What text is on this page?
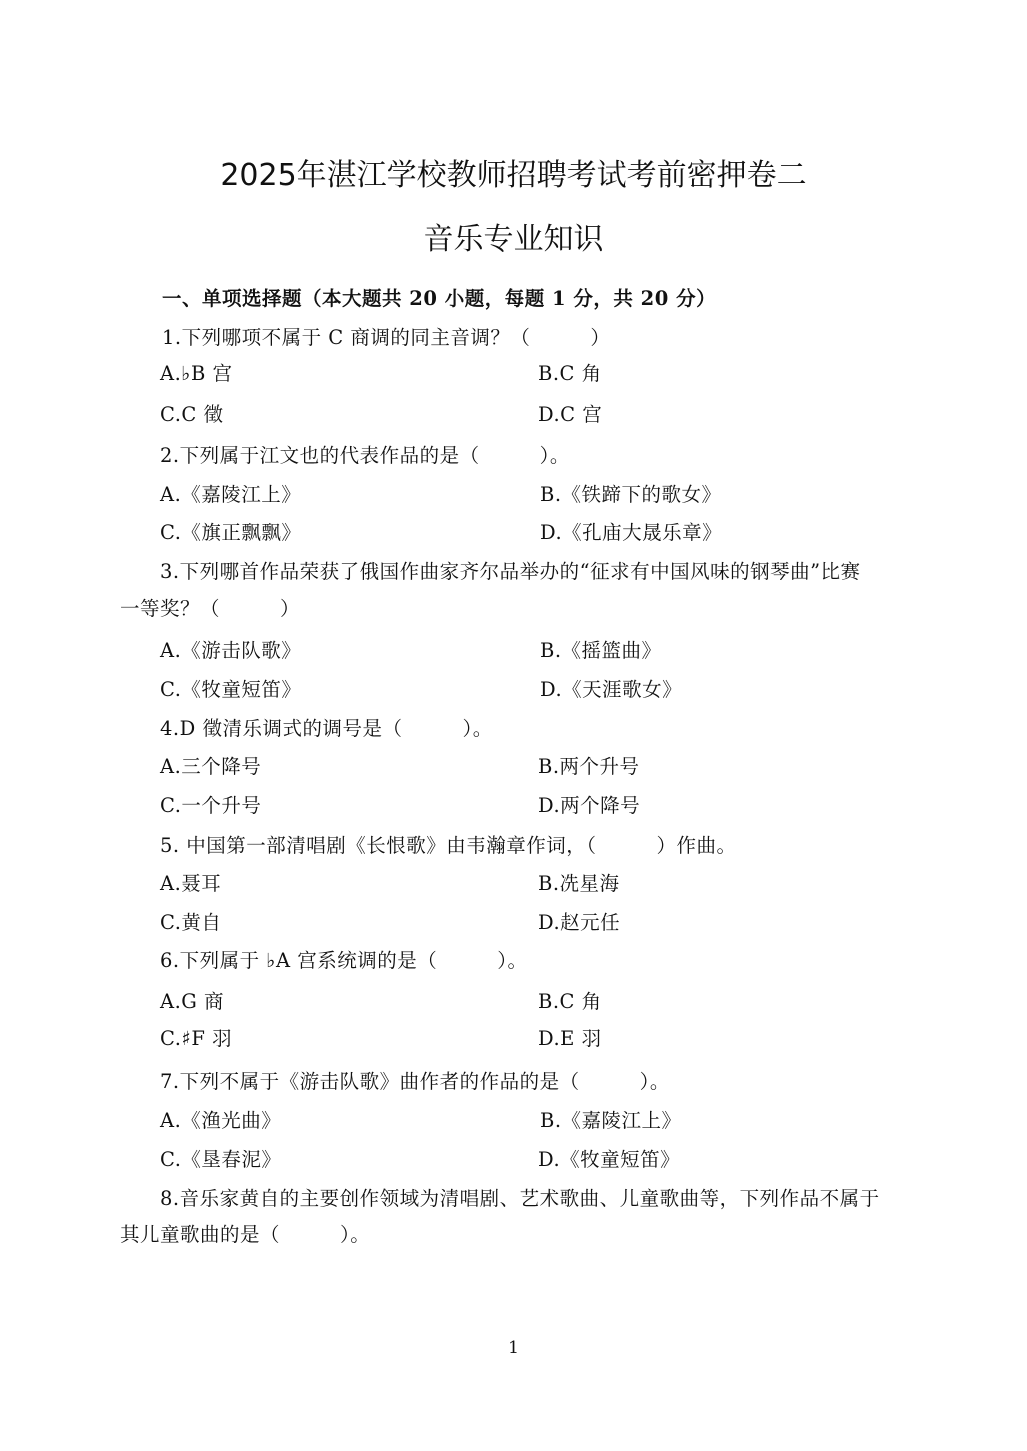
2025年湛江学校教师招聘考试考前密押卷二
音乐专业知识
一、单项选择题（本大题共 20 小题，每题 1 分，共 20 分）
1.下列哪项不属于 C 商调的同主音调？（　　　）
A.♭B 宫	B.C 角
C.C 徵	D.C 宫
2.下列属于江文也的代表作品的是（　　　）。
A.《嘉陵江上》	B.《铁蹄下的歌女》
C.《旗正飘飘》	D.《孔庙大晟乐章》
3.下列哪首作品荣获了俄国作曲家齐尔品举办的“征求有中国风味的钢琴曲”比赛
一等奖？（　　　）
A.《游击队歌》	B.《摇篮曲》
C.《牧童短笛》	D.《天涯歌女》
4.D 徵清乐调式的调号是（　　　）。
A.三个降号	B.两个升号
C.一个升号	D.两个降号
5. 中国第一部清唱剧《长恨歌》由韦瀚章作词，（　　　）作曲。
A.聂耳	B.冼星海
C.黄自	D.赵元任
6.下列属于 ♭A 宫系统调的是（　　　）。
A.G 商	B.C 角
C.♯F 羽	D.E 羽
7.下列不属于《游击队歌》曲作者的作品的是（　　　）。
A.《渔光曲》	B.《嘉陵江上》
C.《垦春泥》	D.《牧童短笛》
8.音乐家黄自的主要创作领域为清唱剧、艺术歌曲、儿童歌曲等，下列作品不属于
其儿童歌曲的是（　　　）。
1
